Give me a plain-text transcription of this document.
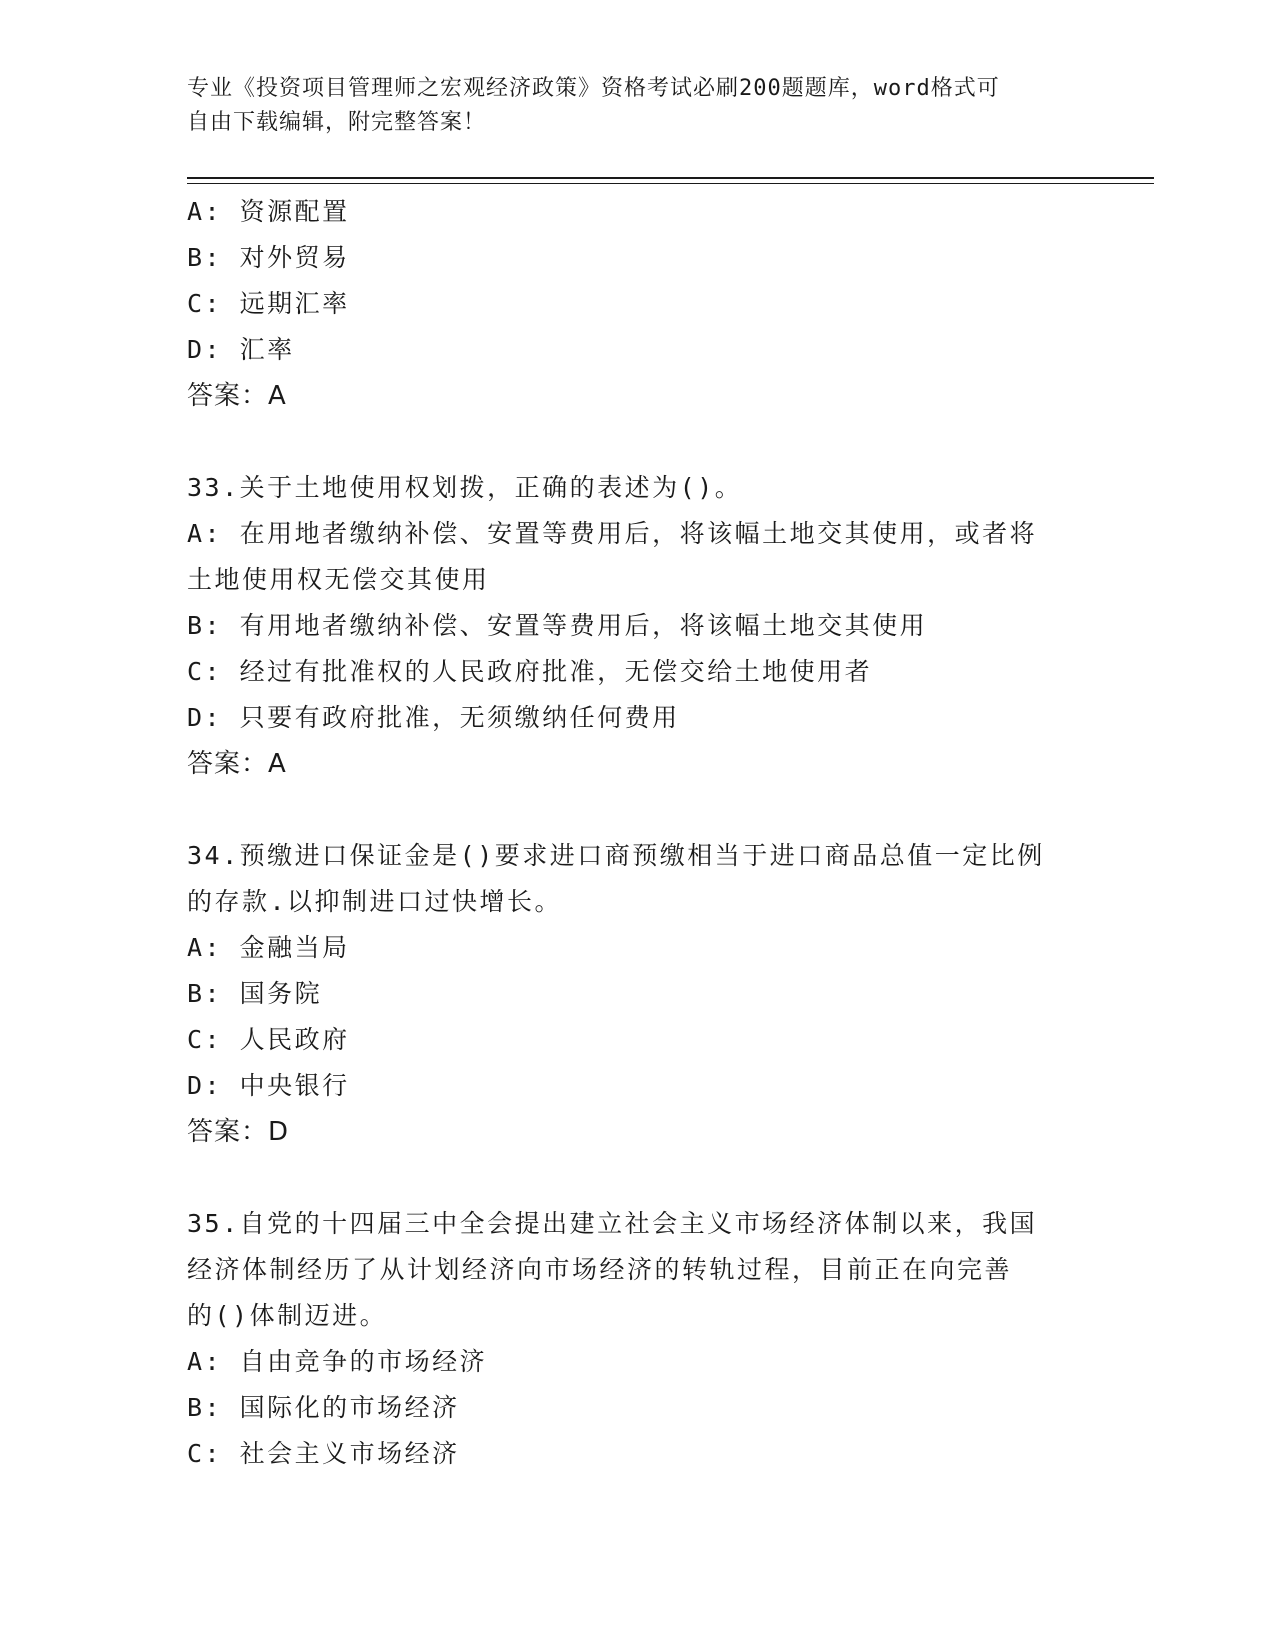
专业《投资项目管理师之宏观经济政策》资格考试必刷200题题库，word格式可
自由下载编辑，附完整答案！
A: 资源配置
B: 对外贸易
C: 远期汇率
D: 汇率
答案：A
33.关于土地使用权划拨，正确的表述为()。
A: 在用地者缴纳补偿、安置等费用后，将该幅土地交其使用，或者将
土地使用权无偿交其使用
B: 有用地者缴纳补偿、安置等费用后，将该幅土地交其使用
C: 经过有批准权的人民政府批准，无偿交给土地使用者
D: 只要有政府批准，无须缴纳任何费用
答案：A
34.预缴进口保证金是()要求进口商预缴相当于进口商品总值一定比例
的存款.以抑制进口过快增长。
A: 金融当局
B: 国务院
C: 人民政府
D: 中央银行
答案：D
35.自党的十四届三中全会提出建立社会主义市场经济体制以来，我国
经济体制经历了从计划经济向市场经济的转轨过程，目前正在向完善
的()体制迈进。
A: 自由竞争的市场经济
B: 国际化的市场经济
C: 社会主义市场经济
